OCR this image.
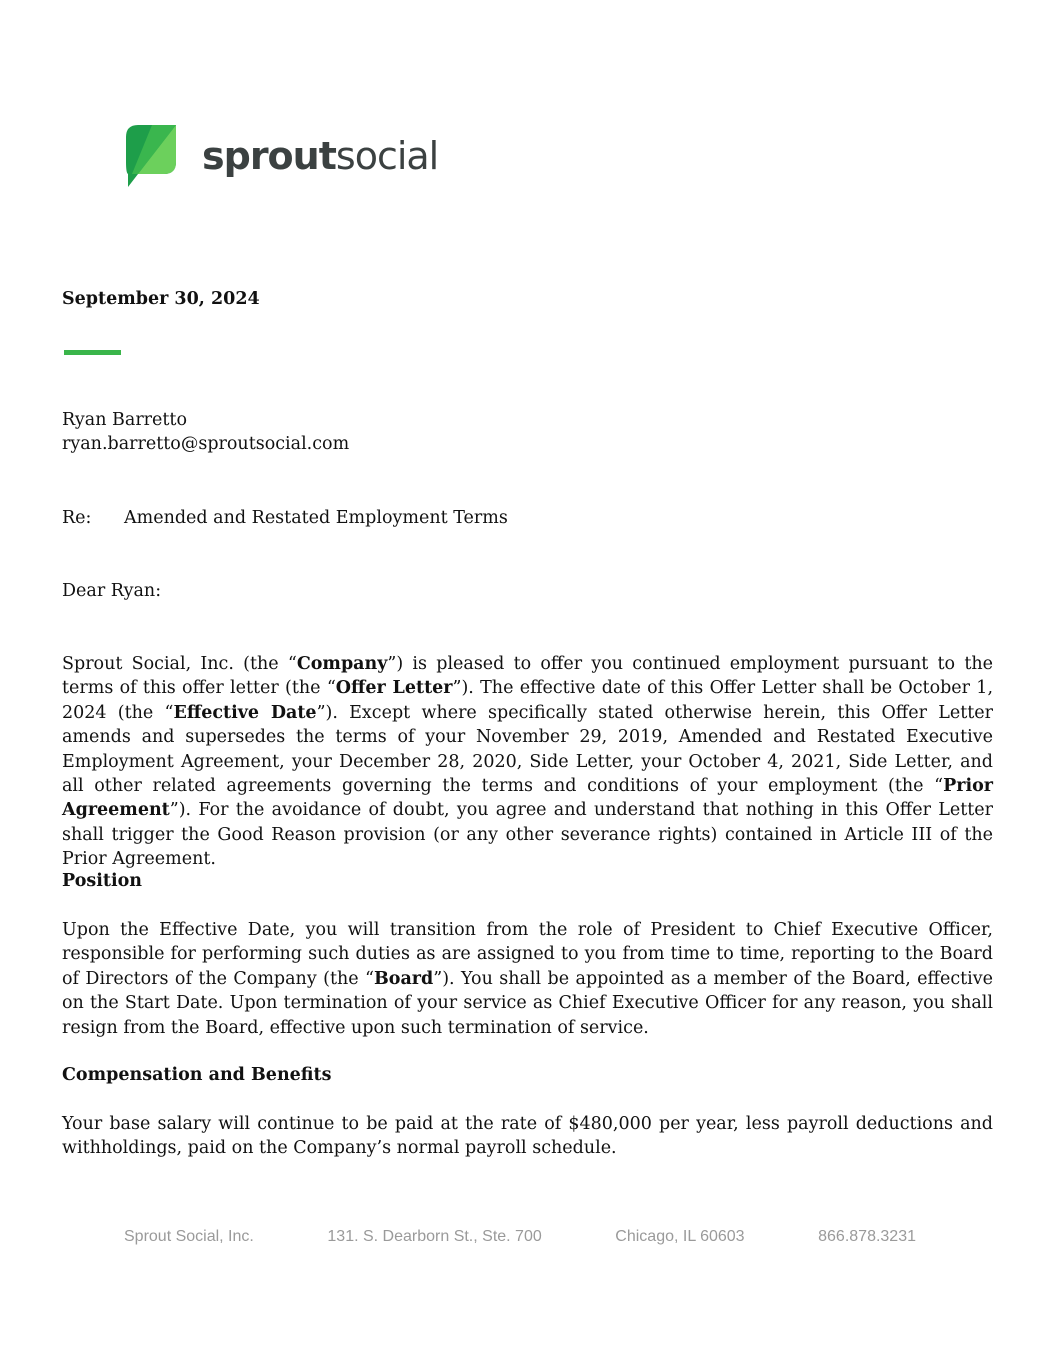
sproutsocial
September 30, 2024
Ryan Barretto
ryan.barretto@sproutsocial.com
Re:	Amended and Restated Employment Terms
Dear Ryan:
Sprout Social, Inc. (the “Company”) is pleased to offer you continued employment pursuant to the terms of this offer letter (the “Offer Letter”). The effective date of this Offer Letter shall be October 1, 2024 (the “Effective Date”). Except where specifically stated otherwise herein, this Offer Letter amends and supersedes the terms of your November 29, 2019, Amended and Restated Executive Employment Agreement, your December 28, 2020, Side Letter, your October 4, 2021, Side Letter, and all other related agreements governing the terms and conditions of your employment (the “Prior Agreement”). For the avoidance of doubt, you agree and understand that nothing in this Offer Letter shall trigger the Good Reason provision (or any other severance rights) contained in Article III of the Prior Agreement.
Position
Upon the Effective Date, you will transition from the role of President to Chief Executive Officer, responsible for performing such duties as are assigned to you from time to time, reporting to the Board of Directors of the Company (the “Board”). You shall be appointed as a member of the Board, effective on the Start Date. Upon termination of your service as Chief Executive Officer for any reason, you shall resign from the Board, effective upon such termination of service.
Compensation and Benefits
Your base salary will continue to be paid at the rate of $480,000 per year, less payroll deductions and withholdings, paid on the Company’s normal payroll schedule.
Sprout Social, Inc.	131. S. Dearborn St., Ste. 700	Chicago, IL 60603	866.878.3231
